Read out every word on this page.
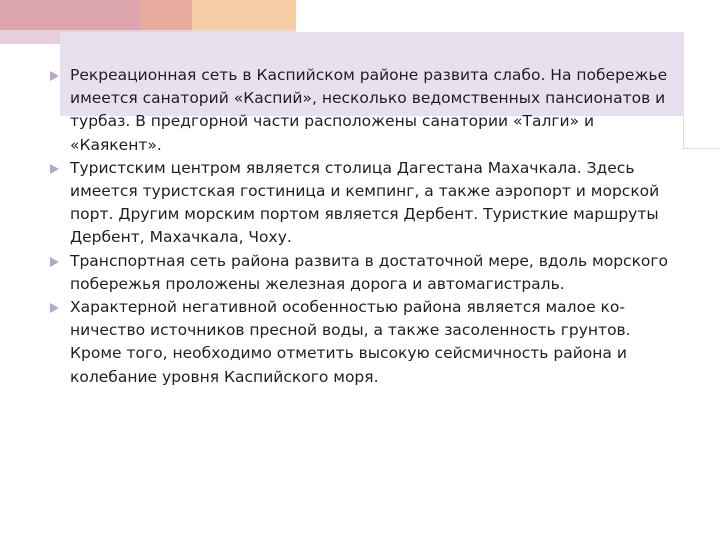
Рекреационная сеть в Каспийском районе развита слабо. На побережье имеется санаторий «Каспий», несколько ведомственных пансионатов и турбаз. В предгорной части расположены санатории «Талги» и «Каякент».
Туристским центром является столица Дагестана Махачкала. Здесь имеется туристская гостиница и кемпинг, а также аэропорт и морской порт. Другим морским портом является Дербент. Туристкие маршруты Дербент, Махачкала, Чоху.
Транспортная сеть района развита в достаточной мере, вдоль морского побережья проложены железная дорога и автомагистраль.
Характерной негативной особенностью района является малое ко-ничество источников пресной воды, а также засоленность грунтов. Кроме того, необходимо отметить высокую сейсмичность района и колебание уровня Каспийского моря.
